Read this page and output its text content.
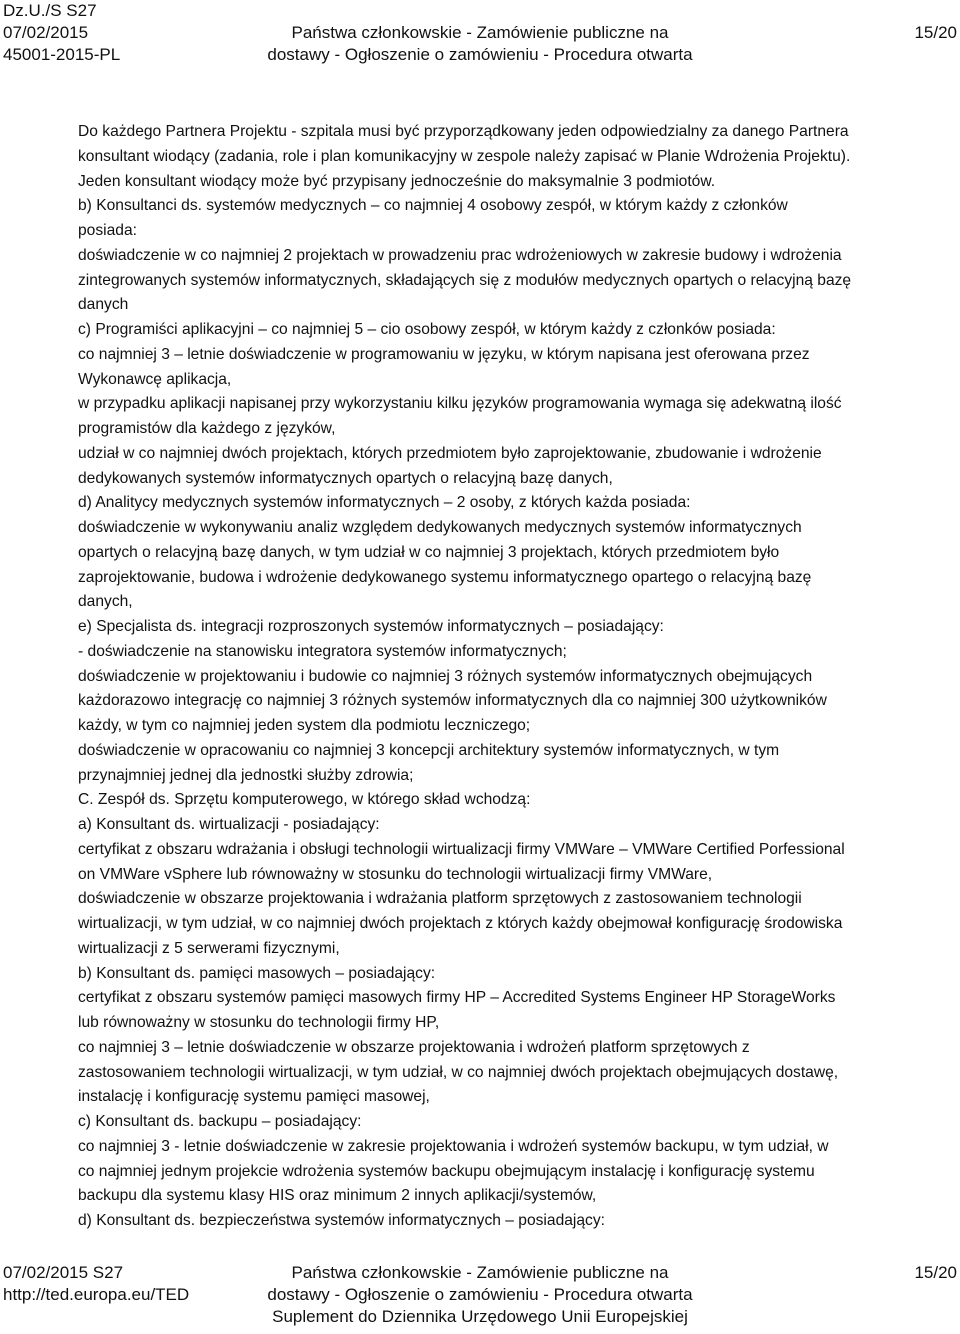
Dz.U./S S27
07/02/2015
45001-2015-PL

Państwa członkowskie - Zamówienie publiczne na
dostawy - Ogłoszenie o zamówieniu - Procedura otwarta

15/20
Do każdego Partnera Projektu - szpitala musi być przyporządkowany jeden odpowiedzialny za danego Partnera
konsultant wiodący (zadania, role i plan komunikacyjny w zespole należy zapisać w Planie Wdrożenia Projektu).
Jeden konsultant wiodący może być przypisany jednocześnie do maksymalnie 3 podmiotów.
b) Konsultanci ds. systemów medycznych – co najmniej 4 osobowy zespół, w którym każdy z członków
posiada:
doświadczenie w co najmniej 2 projektach w prowadzeniu prac wdrożeniowych w zakresie budowy i wdrożenia
zintegrowanych systemów informatycznych, składających się z modułów medycznych opartych o relacyjną bazę
danych
c) Programiści aplikacyjni – co najmniej 5 – cio osobowy zespół, w którym każdy z członków posiada:
co najmniej 3 – letnie doświadczenie w programowaniu w języku, w którym napisana jest oferowana przez
Wykonawcę aplikacja,
w przypadku aplikacji napisanej przy wykorzystaniu kilku języków programowania wymaga się adekwatną ilość
programistów dla każdego z języków,
udział w co najmniej dwóch projektach, których przedmiotem było zaprojektowanie, zbudowanie i wdrożenie
dedykowanych systemów informatycznych opartych o relacyjną bazę danych,
d) Analitycy medycznych systemów informatycznych – 2 osoby, z których każda posiada:
doświadczenie w wykonywaniu analiz względem dedykowanych medycznych systemów informatycznych
opartych o relacyjną bazę danych, w tym udział w co najmniej 3 projektach, których przedmiotem było
zaprojektowanie, budowa i wdrożenie dedykowanego systemu informatycznego opartego o relacyjną bazę
danych,
e) Specjalista ds. integracji rozproszonych systemów informatycznych – posiadający:
- doświadczenie na stanowisku integratora systemów informatycznych;
doświadczenie w projektowaniu i budowie co najmniej 3 różnych systemów informatycznych obejmujących
każdorazowo integrację co najmniej 3 różnych systemów informatycznych dla co najmniej 300 użytkowników
każdy, w tym co najmniej jeden system dla podmiotu leczniczego;
doświadczenie w opracowaniu co najmniej 3 koncepcji architektury systemów informatycznych, w tym
przynajmniej jednej dla jednostki służby zdrowia;
C. Zespół ds. Sprzętu komputerowego, w którego skład wchodzą:
a) Konsultant ds. wirtualizacji - posiadający:
certyfikat z obszaru wdrażania i obsługi technologii wirtualizacji firmy VMWare – VMWare Certified Porfessional
on VMWare vSphere lub równoważny w stosunku do technologii wirtualizacji firmy VMWare,
doświadczenie w obszarze projektowania i wdrażania platform sprzętowych z zastosowaniem technologii
wirtualizacji, w tym udział, w co najmniej dwóch projektach z których każdy obejmował konfigurację środowiska
wirtualizacji z 5 serwerami fizycznymi,
b) Konsultant ds. pamięci masowych – posiadający:
certyfikat z obszaru systemów pamięci masowych firmy HP – Accredited Systems Engineer HP StorageWorks
lub równoważny w stosunku do technologii firmy HP,
co najmniej 3 – letnie doświadczenie w obszarze projektowania i wdrożeń platform sprzętowych z
zastosowaniem technologii wirtualizacji, w tym udział, w co najmniej dwóch projektach obejmujących dostawę,
instalację i konfigurację systemu pamięci masowej,
c) Konsultant ds. backupu – posiadający:
co najmniej 3 - letnie doświadczenie w zakresie projektowania i wdrożeń systemów backupu, w tym udział, w
co najmniej jednym projekcie wdrożenia systemów backupu obejmującym instalację i konfigurację systemu
backupu dla systemu klasy HIS oraz minimum 2 innych aplikacji/systemów,
d) Konsultant ds. bezpieczeństwa systemów informatycznych – posiadający:
07/02/2015 S27
http://ted.europa.eu/TED
Państwa członkowskie - Zamówienie publiczne na
dostawy - Ogłoszenie o zamówieniu - Procedura otwarta
Suplement do Dziennika Urzędowego Unii Europejskiej
15/20
